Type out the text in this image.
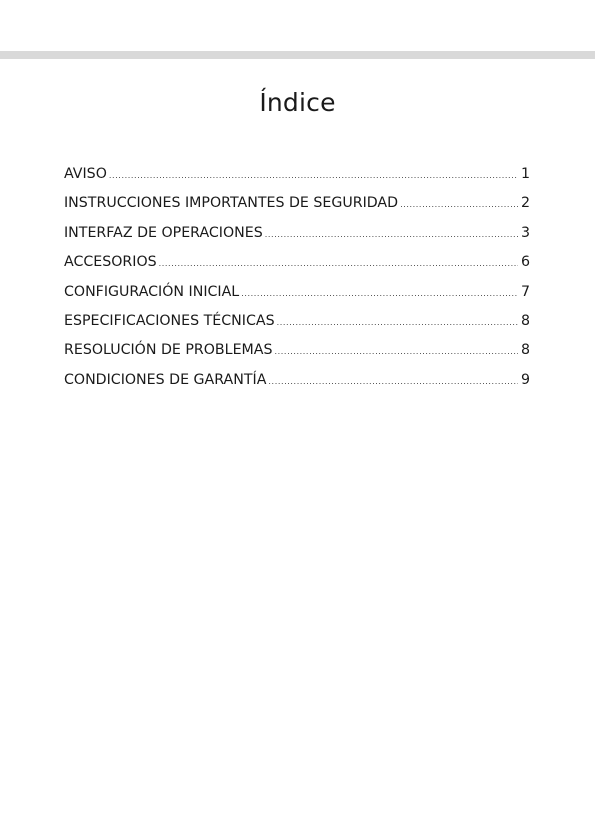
Índice
AVISO .....	1
INSTRUCCIONES IMPORTANTES DE SEGURIDAD .....	2
INTERFAZ DE OPERACIONES .....	3
ACCESORIOS .....	6
CONFIGURACIÓN INICIAL .....	7
ESPECIFICACIONES TÉCNICAS .....	8
RESOLUCIÓN DE PROBLEMAS .....	8
CONDICIONES DE GARANTÍA .....	9
